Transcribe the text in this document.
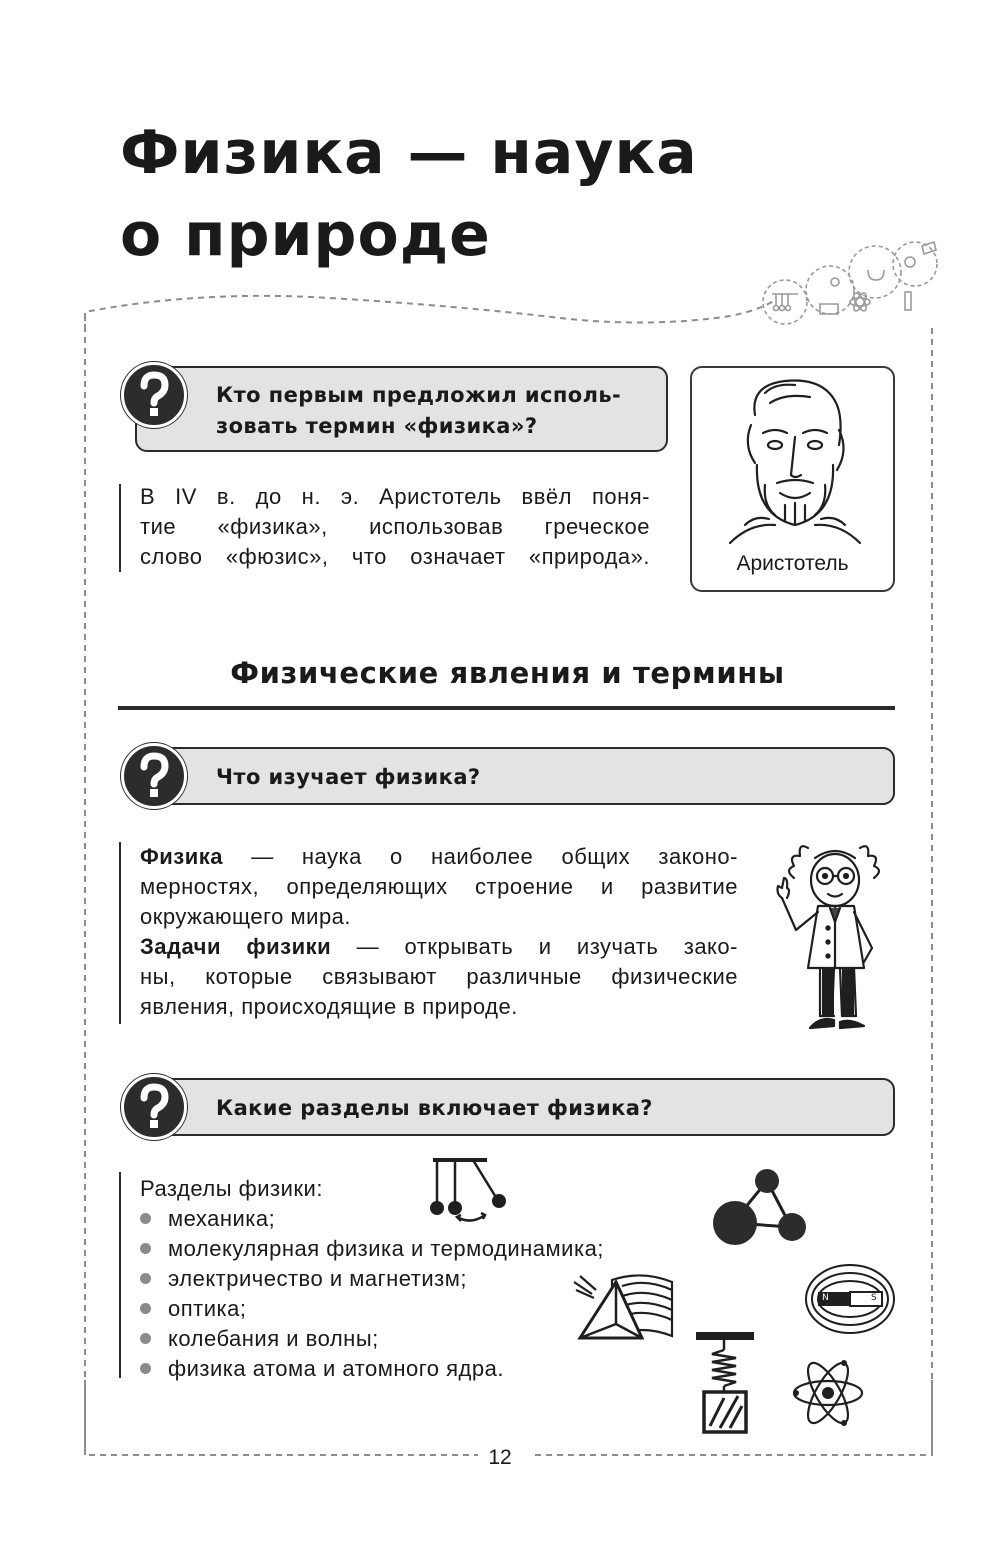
Физика — наука
о природе
Кто первым предложил исполь-
зовать термин «физика»?
В IV в. до н. э. Аристотель ввёл поня-
тие «физика», использовав греческое
слово «фюзис», что означает «природа».	Аристотель
Физические явления и термины
Что изучает физика?
Физика — наука о наиболее общих законо-
мерностях, определяющих строение и развитие
окружающего мира.
Задачи физики — открывать и изучать зако-
ны, которые связывают различные физические
явления, происходящие в природе.
Какие разделы включает физика?
Разделы физики:
механика;
молекулярная физика и термодинамика;
электричество и магнетизм;
оптика;
колебания и волны;
физика атома и атомного ядра.
N	S
12
